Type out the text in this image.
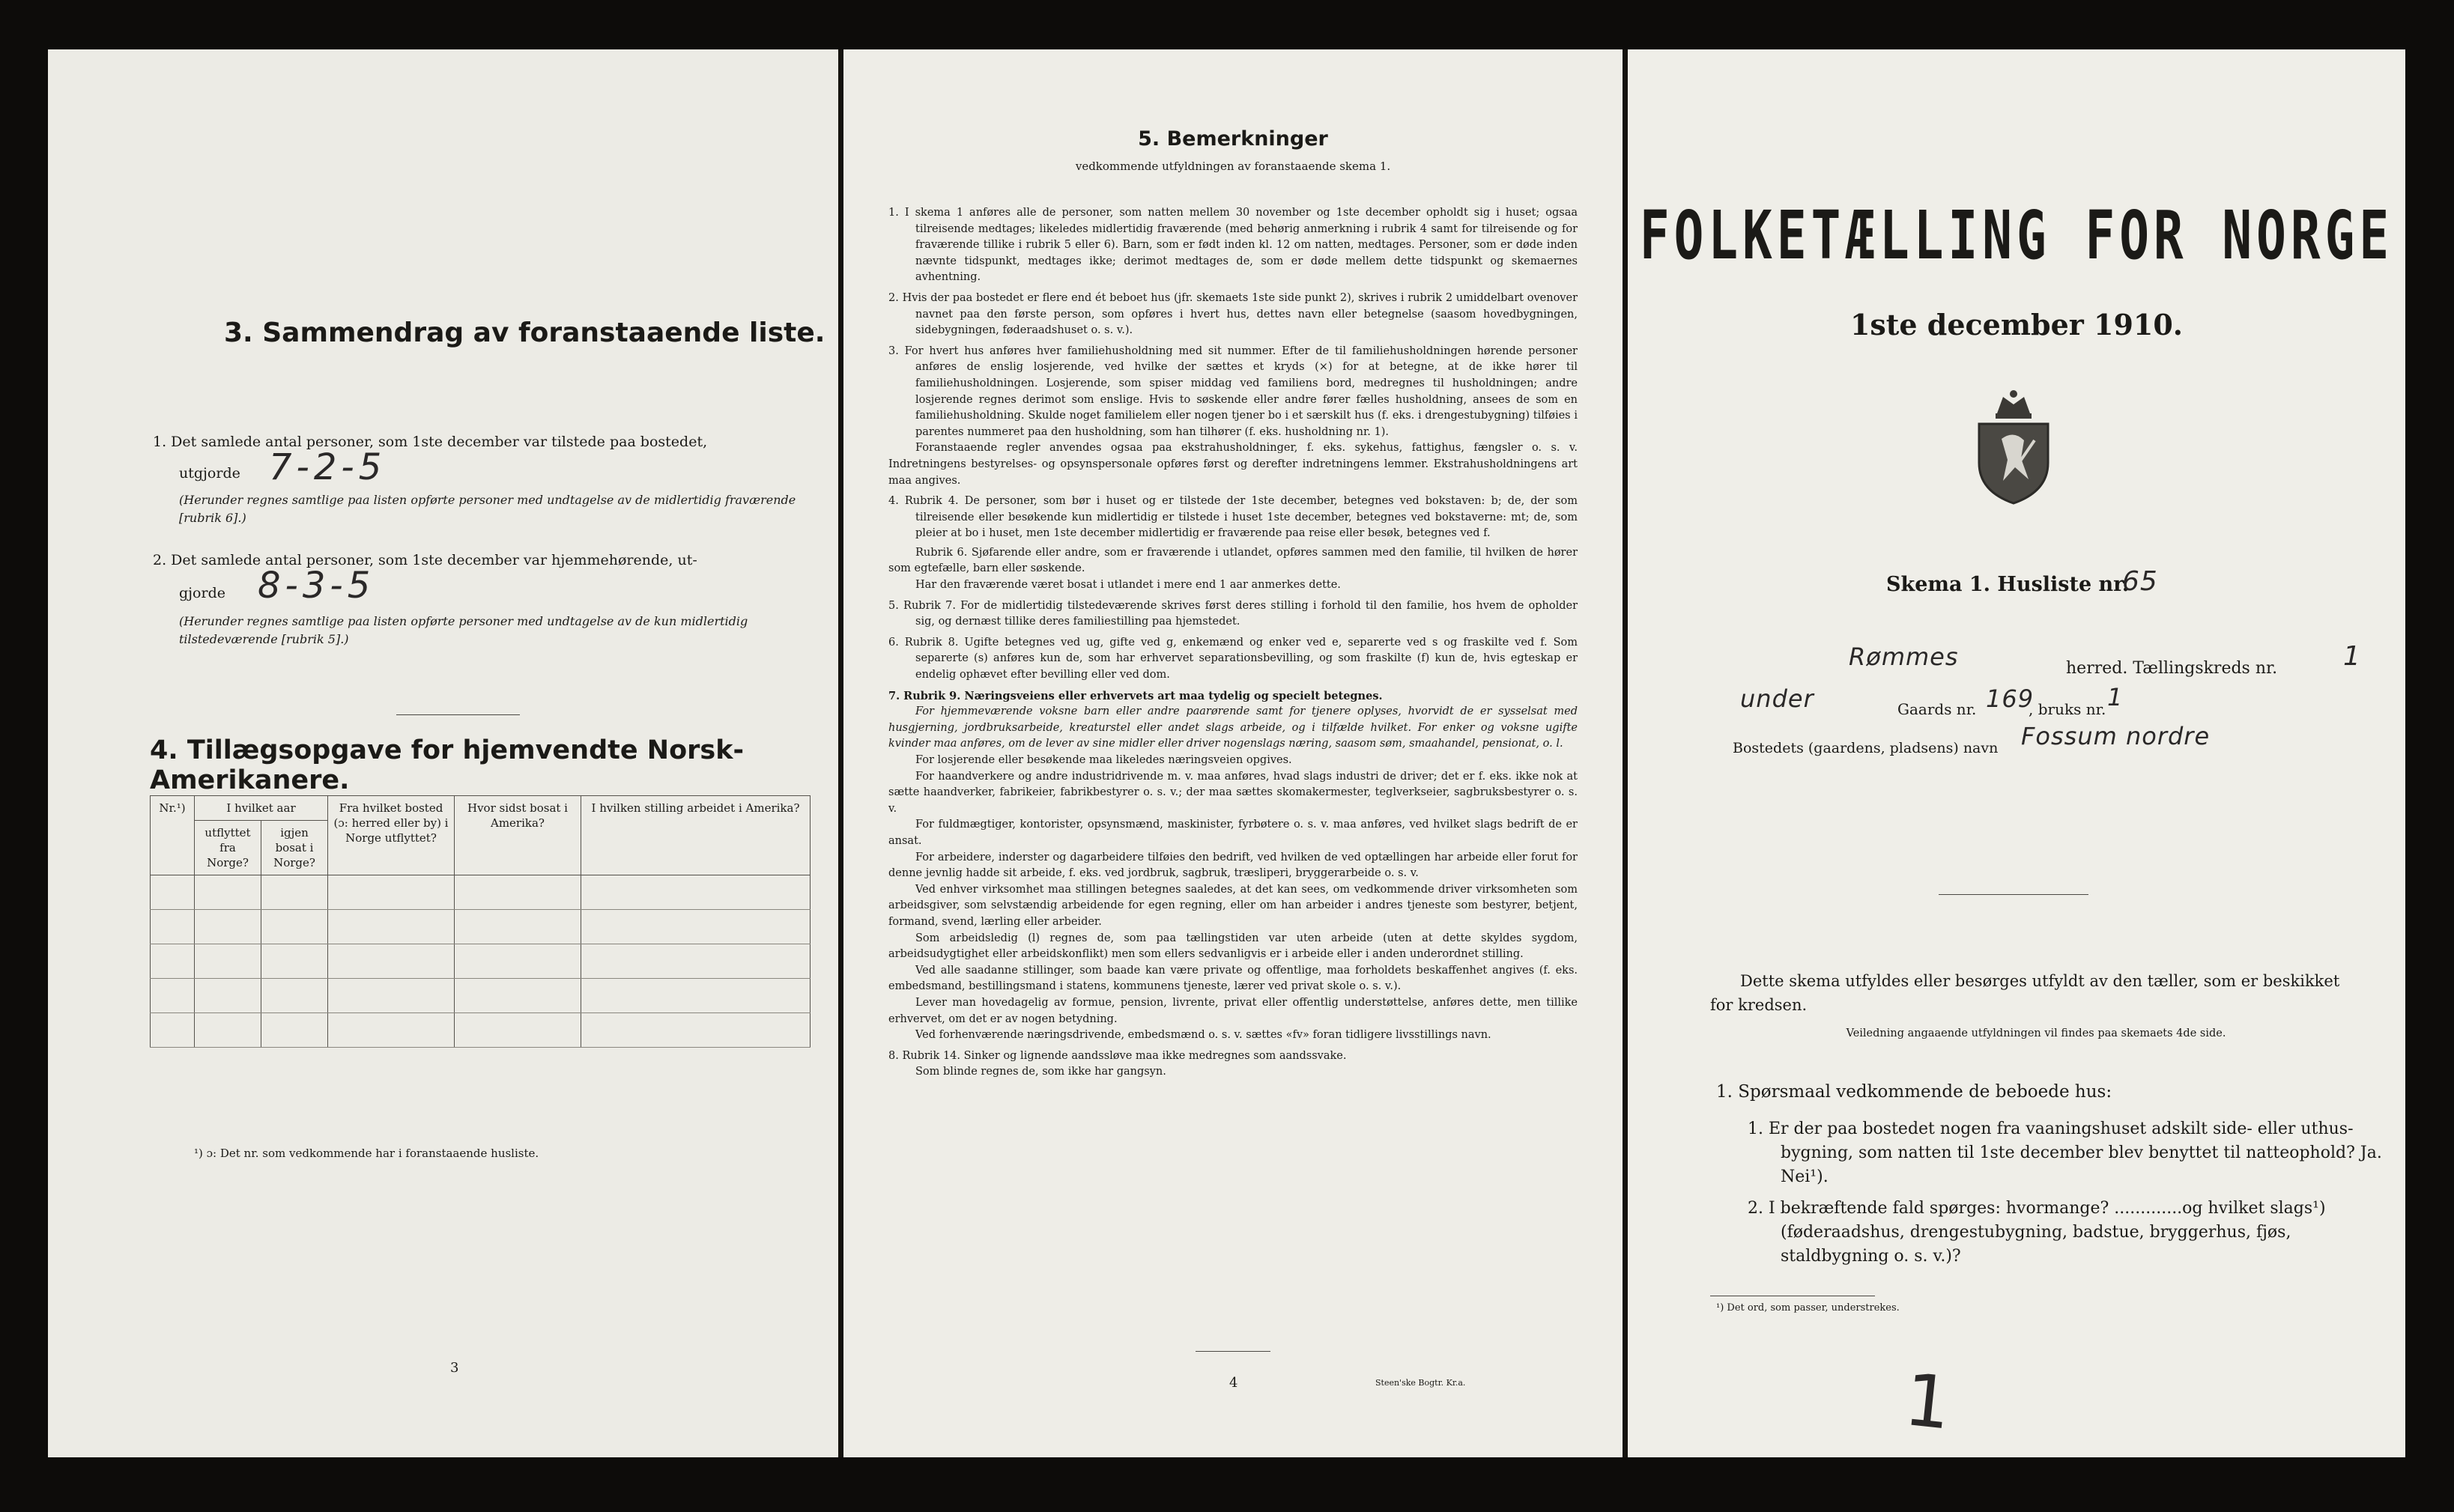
3. Sammendrag av foranstaaende liste.
1. Det samlede antal personer, som 1ste december var tilstede paa bostedet,
utgjorde 7-2-5
(Herunder regnes samtlige paa listen opførte personer med undtagelse av de midlertidig fraværende [rubrik 6].)
2. Det samlede antal personer, som 1ste december var hjemmehørende, ut-
gjorde 8-3-5
(Herunder regnes samtlige paa listen opførte personer med undtagelse av de kun midlertidig tilstedeværende [rubrik 5].)
4. Tillægsopgave for hjemvendte Norsk-Amerikanere.
Nr.¹)	I hvilket aar		Fra hvilket bosted (ɔ: herred eller by) i Norge utflyttet?	Hvor sidst bosat i Amerika?	I hvilken stilling arbeidet i Amerika?
	utflyttet fra Norge?	igjen bosat i Norge?			

¹) ɔ: Det nr. som vedkommende har i foranstaaende husliste.
3
5. Bemerkninger
vedkommende utfyldningen av foranstaaende skema 1.

1. I skema 1 anføres alle de personer, som natten mellem 30 november og 1ste december opholdt sig i huset; ogsaa tilreisende medtages; likeledes midlertidig fraværende (med behørig anmerkning i rubrik 4 samt for tilreisende og for fraværende tillike i rubrik 5 eller 6). Barn, som er født inden kl. 12 om natten, medtages. Personer, som er døde inden nævnte tidspunkt, medtages ikke; derimot medtages de, som er døde mellem dette tidspunkt og skemaernes avhentning.

2. Hvis der paa bostedet er flere end ét beboet hus (jfr. skemaets 1ste side punkt 2), skrives i rubrik 2 umiddelbart ovenover navnet paa den første person, som opføres i hvert hus, dettes navn eller betegnelse (saasom hovedbygningen, sidebygningen, føderaadshuset o. s. v.).

3. For hvert hus anføres hver familiehusholdning med sit nummer. Efter de til familiehusholdningen hørende personer anføres de enslig losjerende, ved hvilke der sættes et kryds (×) for at betegne, at de ikke hører til familiehusholdningen. Losjerende, som spiser middag ved familiens bord, medregnes til husholdningen; andre losjerende regnes derimot som enslige. Hvis to søskende eller andre fører fælles husholdning, ansees de som en familiehusholdning. Skulde noget familielem eller nogen tjener bo i et særskilt hus (f. eks. i drengestubygning) tilføies i parentes nummeret paa den husholdning, som han tilhører (f. eks. husholdning nr. 1).

Foranstaaende regler anvendes ogsaa paa ekstrahusholdninger, f. eks. sykehus, fattighus, fængsler o. s. v. Indretningens bestyrelses- og opsynspersonale opføres først og derefter indretningens lemmer. Ekstrahusholdningens art maa angives.

4. Rubrik 4. De personer, som bør i huset og er tilstede der 1ste december, betegnes ved bokstaven: b; de, der som tilreisende eller besøkende kun midlertidig er tilstede i huset 1ste december, betegnes ved bokstaverne: mt; de, som pleier at bo i huset, men 1ste december midlertidig er fraværende paa reise eller besøk, betegnes ved f.

Rubrik 6. Sjøfarende eller andre, som er fraværende i utlandet, opføres sammen med den familie, til hvilken de hører som egtefælle, barn eller søskende.

Har den fraværende været bosat i utlandet i mere end 1 aar anmerkes dette.

5. Rubrik 7. For de midlertidig tilstedeværende skrives først deres stilling i forhold til den familie, hos hvem de opholder sig, og dernæst tillike deres familiestilling paa hjemstedet.

6. Rubrik 8. Ugifte betegnes ved ug, gifte ved g, enkemænd og enker ved e, separerte ved s og fraskilte ved f. Som separerte (s) anføres kun de, som har erhvervet separationsbevilling, og som fraskilte (f) kun de, hvis egteskap er endelig ophævet efter bevilling eller ved dom.

7. Rubrik 9. Næringsveiens eller erhvervets art maa tydelig og specielt betegnes.

For hjemmeværende voksne barn eller andre paarørende samt for tjenere oplyses, hvorvidt de er sysselsat med husgjerning, jordbruksarbeide, kreaturstel eller andet slags arbeide, og i tilfælde hvilket. For enker og voksne ugifte kvinder maa anføres, om de lever av sine midler eller driver nogenslags næring, saasom søm, smaahandel, pensionat, o. l.

For losjerende eller besøkende maa likeledes næringsveien opgives.

For haandverkere og andre industridrivende m. v. maa anføres, hvad slags industri de driver; det er f. eks. ikke nok at sætte haandverker, fabrikeier, fabrikbestyrer o. s. v.; der maa sættes skomakermester, teglverkseier, sagbruksbestyrer o. s. v.

For fuldmægtiger, kontorister, opsynsmænd, maskinister, fyrbøtere o. s. v. maa anføres, ved hvilket slags bedrift de er ansat.

For arbeidere, inderster og dagarbeidere tilføies den bedrift, ved hvilken de ved optællingen har arbeide eller forut for denne jevnlig hadde sit arbeide, f. eks. ved jordbruk, sagbruk, træsliperi, bryggerarbeide o. s. v.

Ved enhver virksomhet maa stillingen betegnes saaledes, at det kan sees, om vedkommende driver virksomheten som arbeidsgiver, som selvstændig arbeidende for egen regning, eller om han arbeider i andres tjeneste som bestyrer, betjent, formand, svend, lærling eller arbeider.

Som arbeidsledig (l) regnes de, som paa tællingstiden var uten arbeide (uten at dette skyldes sygdom, arbeidsudygtighet eller arbeidskonflikt) men som ellers sedvanligvis er i arbeide eller i anden underordnet stilling.

Ved alle saadanne stillinger, som baade kan være private og offentlige, maa forholdets beskaffenhet angives (f. eks. embedsmand, bestillingsmand i statens, kommunens tjeneste, lærer ved privat skole o. s. v.).

Lever man hovedagelig av formue, pension, livrente, privat eller offentlig understøttelse, anføres dette, men tillike erhvervet, om det er av nogen betydning.

Ved forhenværende næringsdrivende, embedsmænd o. s. v. sættes «fv» foran tidligere livsstillings navn.

8. Rubrik 14. Sinker og lignende aandssløve maa ikke medregnes som aandssvake.

Som blinde regnes de, som ikke har gangsyn.

4	Steen'ske Bogtr. Kr.a.
FOLKETÆLLING FOR NORGE
1ste december 1910.
Skema 1. Husliste nr.
65
Rømmes	herred. Tællingskreds nr. 1
under	Gaards nr. 169
, bruks nr. 1
Bostedets (gaardens, pladsens) navn Fossum nordre
Dette skema utfyldes eller besørges utfyldt av den tæller, som er beskikket for kredsen.
Veiledning angaaende utfyldningen vil findes paa skemaets 4de side.
1. Spørsmaal vedkommende de beboede hus:
1. Er der paa bostedet nogen fra vaaningshuset adskilt side- eller uthus-bygning, som natten til 1ste december blev benyttet til natteophold? Ja. Nei¹).
2. I bekræftende fald spørges: hvormange? .............og hvilket slags¹) (føderaadshus, drengestubygning, badstue, bryggerhus, fjøs, staldbygning o. s. v.)?
¹) Det ord, som passer, understrekes.
1
